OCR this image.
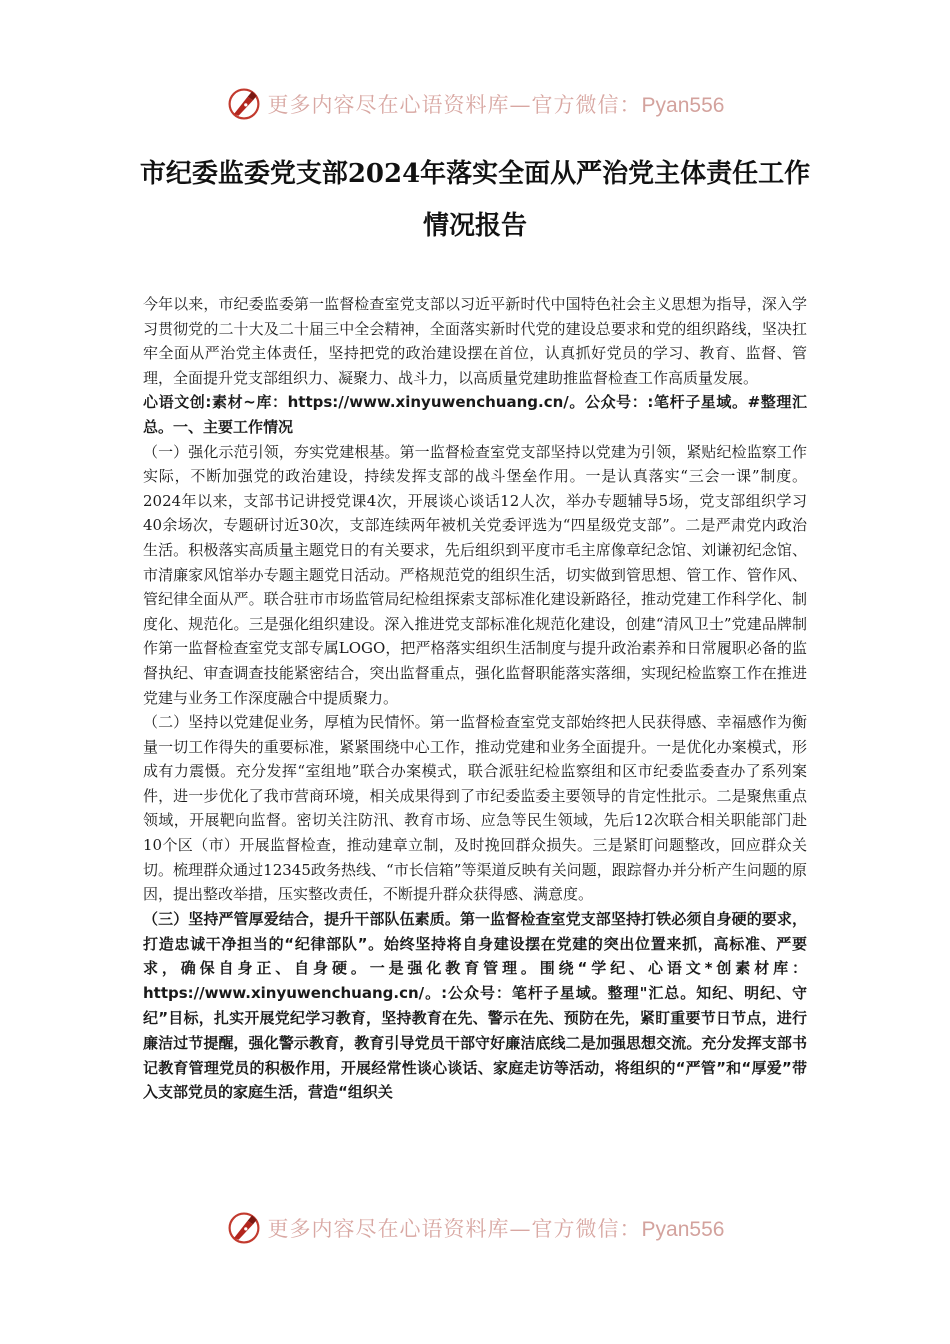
更多内容尽在心语资料库—官方微信：Pyan556
市纪委监委党支部2024年落实全面从严治党主体责任工作情况报告

今年以来，市纪委监委第一监督检查室党支部以习近平新时代中国特色社会主义思想为指导，深入学习贯彻党的二十大及二十届三中全会精神，全面落实新时代党的建设总要求和党的组织路线，坚决扛牢全面从严治党主体责任，坚持把党的政治建设摆在首位，认真抓好党员的学习、教育、监督、管理，全面提升党支部组织力、凝聚力、战斗力，以高质量党建助推监督检查工作高质量发展。

心语文创:素材~库：https://www.xinyuwenchuang.cn/。公众号：:笔杆子星域。#整理汇总。一、主要工作情况

（一）强化示范引领，夯实党建根基。第一监督检查室党支部坚持以党建为引领，紧贴纪检监察工作实际，不断加强党的政治建设，持续发挥支部的战斗堡垒作用。一是认真落实“三会一课”制度。2024年以来，支部书记讲授党课4次，开展谈心谈话12人次，举办专题辅导5场，党支部组织学习40余场次，专题研讨近30次，支部连续两年被机关党委评选为“四星级党支部”。二是严肃党内政治生活。积极落实高质量主题党日的有关要求，先后组织到平度市毛主席像章纪念馆、刘谦初纪念馆、市清廉家风馆举办专题主题党日活动。严格规范党的组织生活，切实做到管思想、管工作、管作风、管纪律全面从严。联合驻市市场监管局纪检组探索支部标准化建设新路径，推动党建工作科学化、制度化、规范化。三是强化组织建设。深入推进党支部标准化规范化建设，创建“清风卫士”党建品牌制作第一监督检查室党支部专属LOGO，把严格落实组织生活制度与提升政治素养和日常履职必备的监督执纪、审查调查技能紧密结合，突出监督重点，强化监督职能落实落细，实现纪检监察工作在推进党建与业务工作深度融合中提质聚力。

（二）坚持以党建促业务，厚植为民情怀。第一监督检查室党支部始终把人民获得感、幸福感作为衡量一切工作得失的重要标准，紧紧围绕中心工作，推动党建和业务全面提升。一是优化办案模式，形成有力震慑。充分发挥“室组地”联合办案模式，联合派驻纪检监察组和区市纪委监委查办了系列案件，进一步优化了我市营商环境，相关成果得到了市纪委监委主要领导的肯定性批示。二是聚焦重点领域，开展靶向监督。密切关注防汛、教育市场、应急等民生领域，先后12次联合相关职能部门赴10个区（市）开展监督检查，推动建章立制，及时挽回群众损失。三是紧盯问题整改，回应群众关切。梳理群众通过12345政务热线、“市长信箱”等渠道反映有关问题，跟踪督办并分析产生问题的原因，提出整改举措，压实整改责任，不断提升群众获得感、满意度。

（三）坚持严管厚爱结合，提升干部队伍素质。第一监督检查室党支部坚持打铁必须自身硬的要求，打造忠诚干净担当的“纪律部队”。始终坚持将自身建设摆在党建的突出位置来抓，高标准、严要求，确保自身正、自身硬。一是强化教育管理。围绕“学纪、心语文*创素材库：https://www.xinyuwenchuang.cn/。:公众号：笔杆子星域。整理"汇总。知纪、明纪、守纪”目标，扎实开展党纪学习教育，坚持教育在先、警示在先、预防在先，紧盯重要节日节点，进行廉洁过节提醒，强化警示教育，教育引导党员干部守好廉洁底线二是加强思想交流。充分发挥支部书记教育管理党员的积极作用，开展经常性谈心谈话、家庭走访等活动，将组织的“严管”和“厚爱”带入支部党员的家庭生活，营造“组织关

更多内容尽在心语资料库—官方微信：Pyan556
